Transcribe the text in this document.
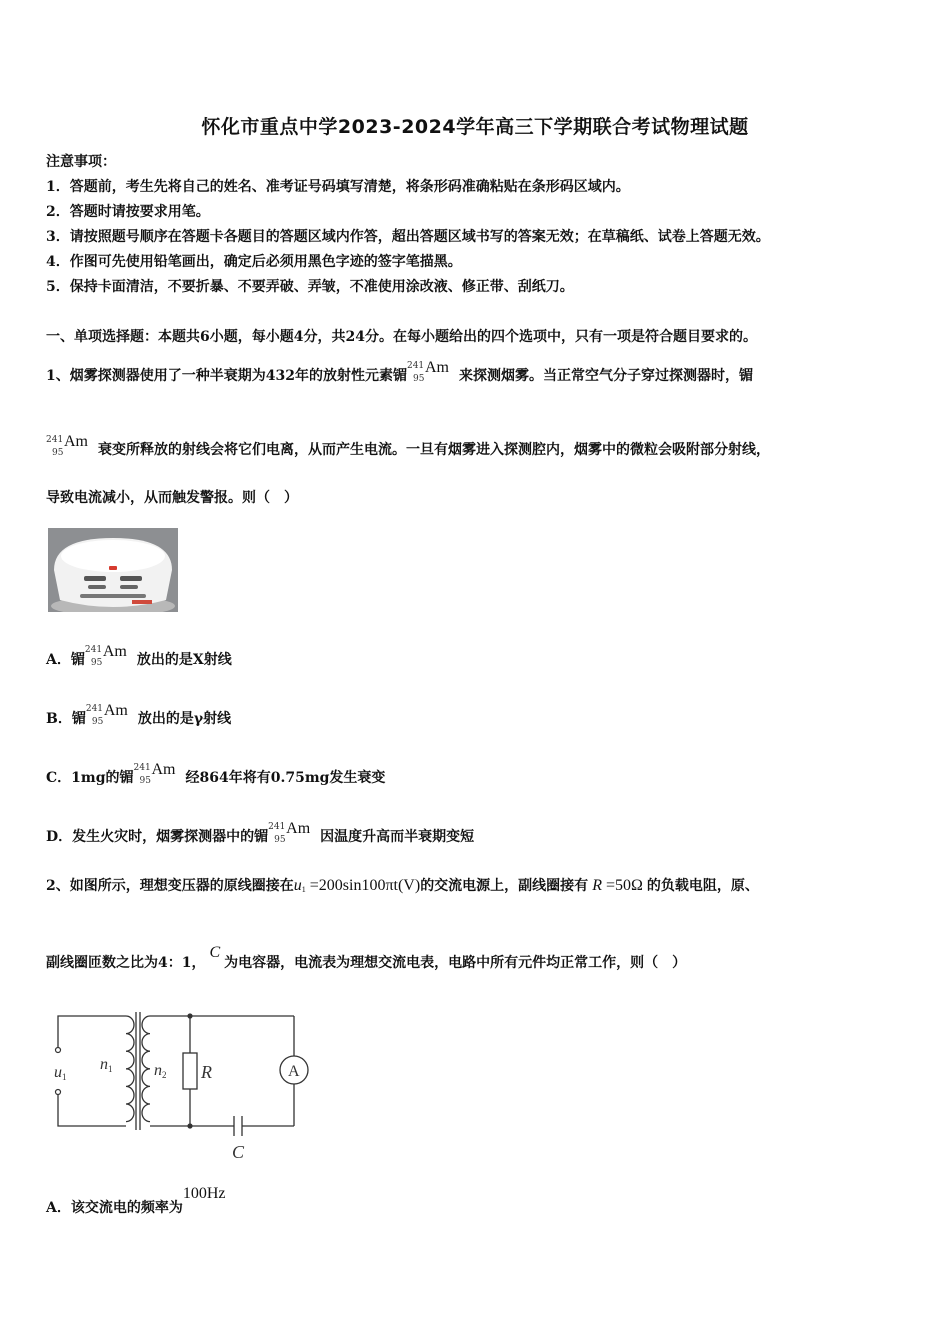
怀化市重点中学2023-2024学年高三下学期联合考试物理试题
注意事项：
1．答题前，考生先将自己的姓名、准考证号码填写清楚，将条形码准确粘贴在条形码区域内。
2．答题时请按要求用笔。
3．请按照题号顺序在答题卡各题目的答题区域内作答，超出答题区域书写的答案无效；在草稿纸、试卷上答题无效。
4．作图可先使用铅笔画出，确定后必须用黑色字迹的签字笔描黑。
5．保持卡面清洁，不要折暴、不要弄破、弄皱，不准使用涂改液、修正带、刮纸刀。
一、单项选择题：本题共6小题，每小题4分，共24分。在每小题给出的四个选项中，只有一项是符合题目要求的。
1、烟雾探测器使用了一种半衰期为432年的放射性元素镅
241
95
Am 来探测烟雾。当正常空气分子穿过探测器时，镅
241
95
Am 衰变所释放的射线会将它们电离，从而产生电流。一旦有烟雾进入探测腔内，烟雾中的微粒会吸附部分射线，
导致电流减小，从而触发警报。则（　）
A．镅
241
95
Am 放出的是X射线
B．镅
241
95
Am 放出的是γ射线
C．1mg的镅
241
95
Am 经864年将有0.75mg发生衰变
D．发生火灾时，烟雾探测器中的镅
241
95
Am 因温度升高而半衰期变短
2、如图所示，理想变压器的原线圈接在$u_1 =200\sin 100\pi t(V)$的交流电源上，副线圈接有 R =50Ω 的负载电阻，原、
副线圈匝数之比为4：1， C 为电容器，电流表为理想交流电表，电路中所有元件均正常工作，则（　）
u1
n1	n2 R	A
C
A．该交流电的频率为100Hz
